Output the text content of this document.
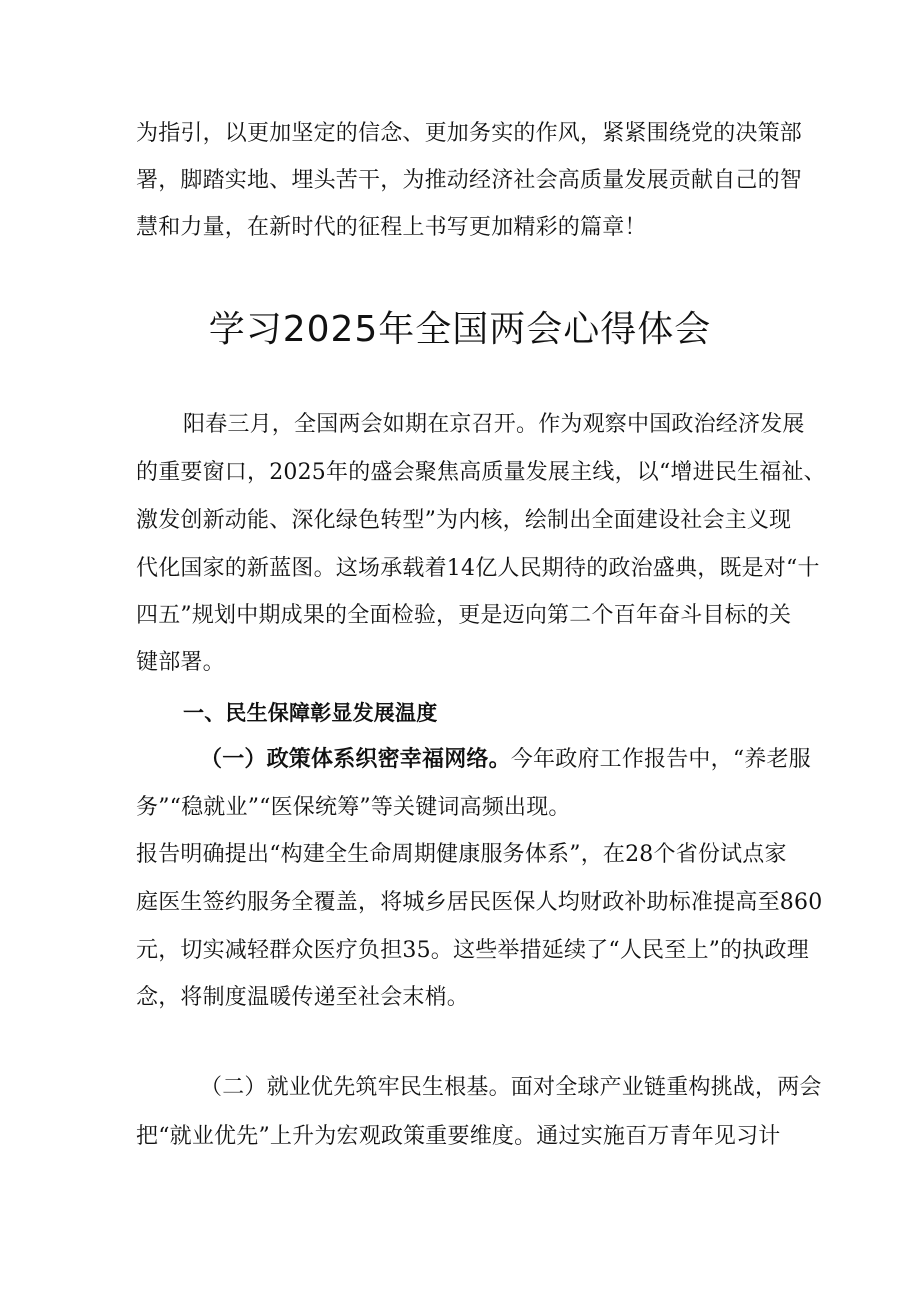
为指引，以更加坚定的信念、更加务实的作风，紧紧围绕党的决策部
署，脚踏实地、埋头苦干，为推动经济社会高质量发展贡献自己的智
慧和力量，在新时代的征程上书写更加精彩的篇章！
学习2025年全国两会心得体会
阳春三月，全国两会如期在京召开。作为观察中国政治经济发展
的重要窗口，2025年的盛会聚焦高质量发展主线，以“增进民生福祉、
激发创新动能、深化绿色转型”为内核，绘制出全面建设社会主义现
代化国家的新蓝图。这场承载着14亿人民期待的政治盛典，既是对“十
四五”规划中期成果的全面检验，更是迈向第二个百年奋斗目标的关
键部署。
一、民生保障彰显发展温度
（一）政策体系织密幸福网络。今年政府工作报告中，“养老服
务”“稳就业”“医保统筹”等关键词高频出现。
报告明确提出“构建全生命周期健康服务体系”，在28个省份试点家
庭医生签约服务全覆盖，将城乡居民医保人均财政补助标准提高至860
元，切实减轻群众医疗负担35。这些举措延续了“人民至上”的执政理
念，将制度温暖传递至社会末梢。
（二）就业优先筑牢民生根基。面对全球产业链重构挑战，两会
把“就业优先”上升为宏观政策重要维度。通过实施百万青年见习计
